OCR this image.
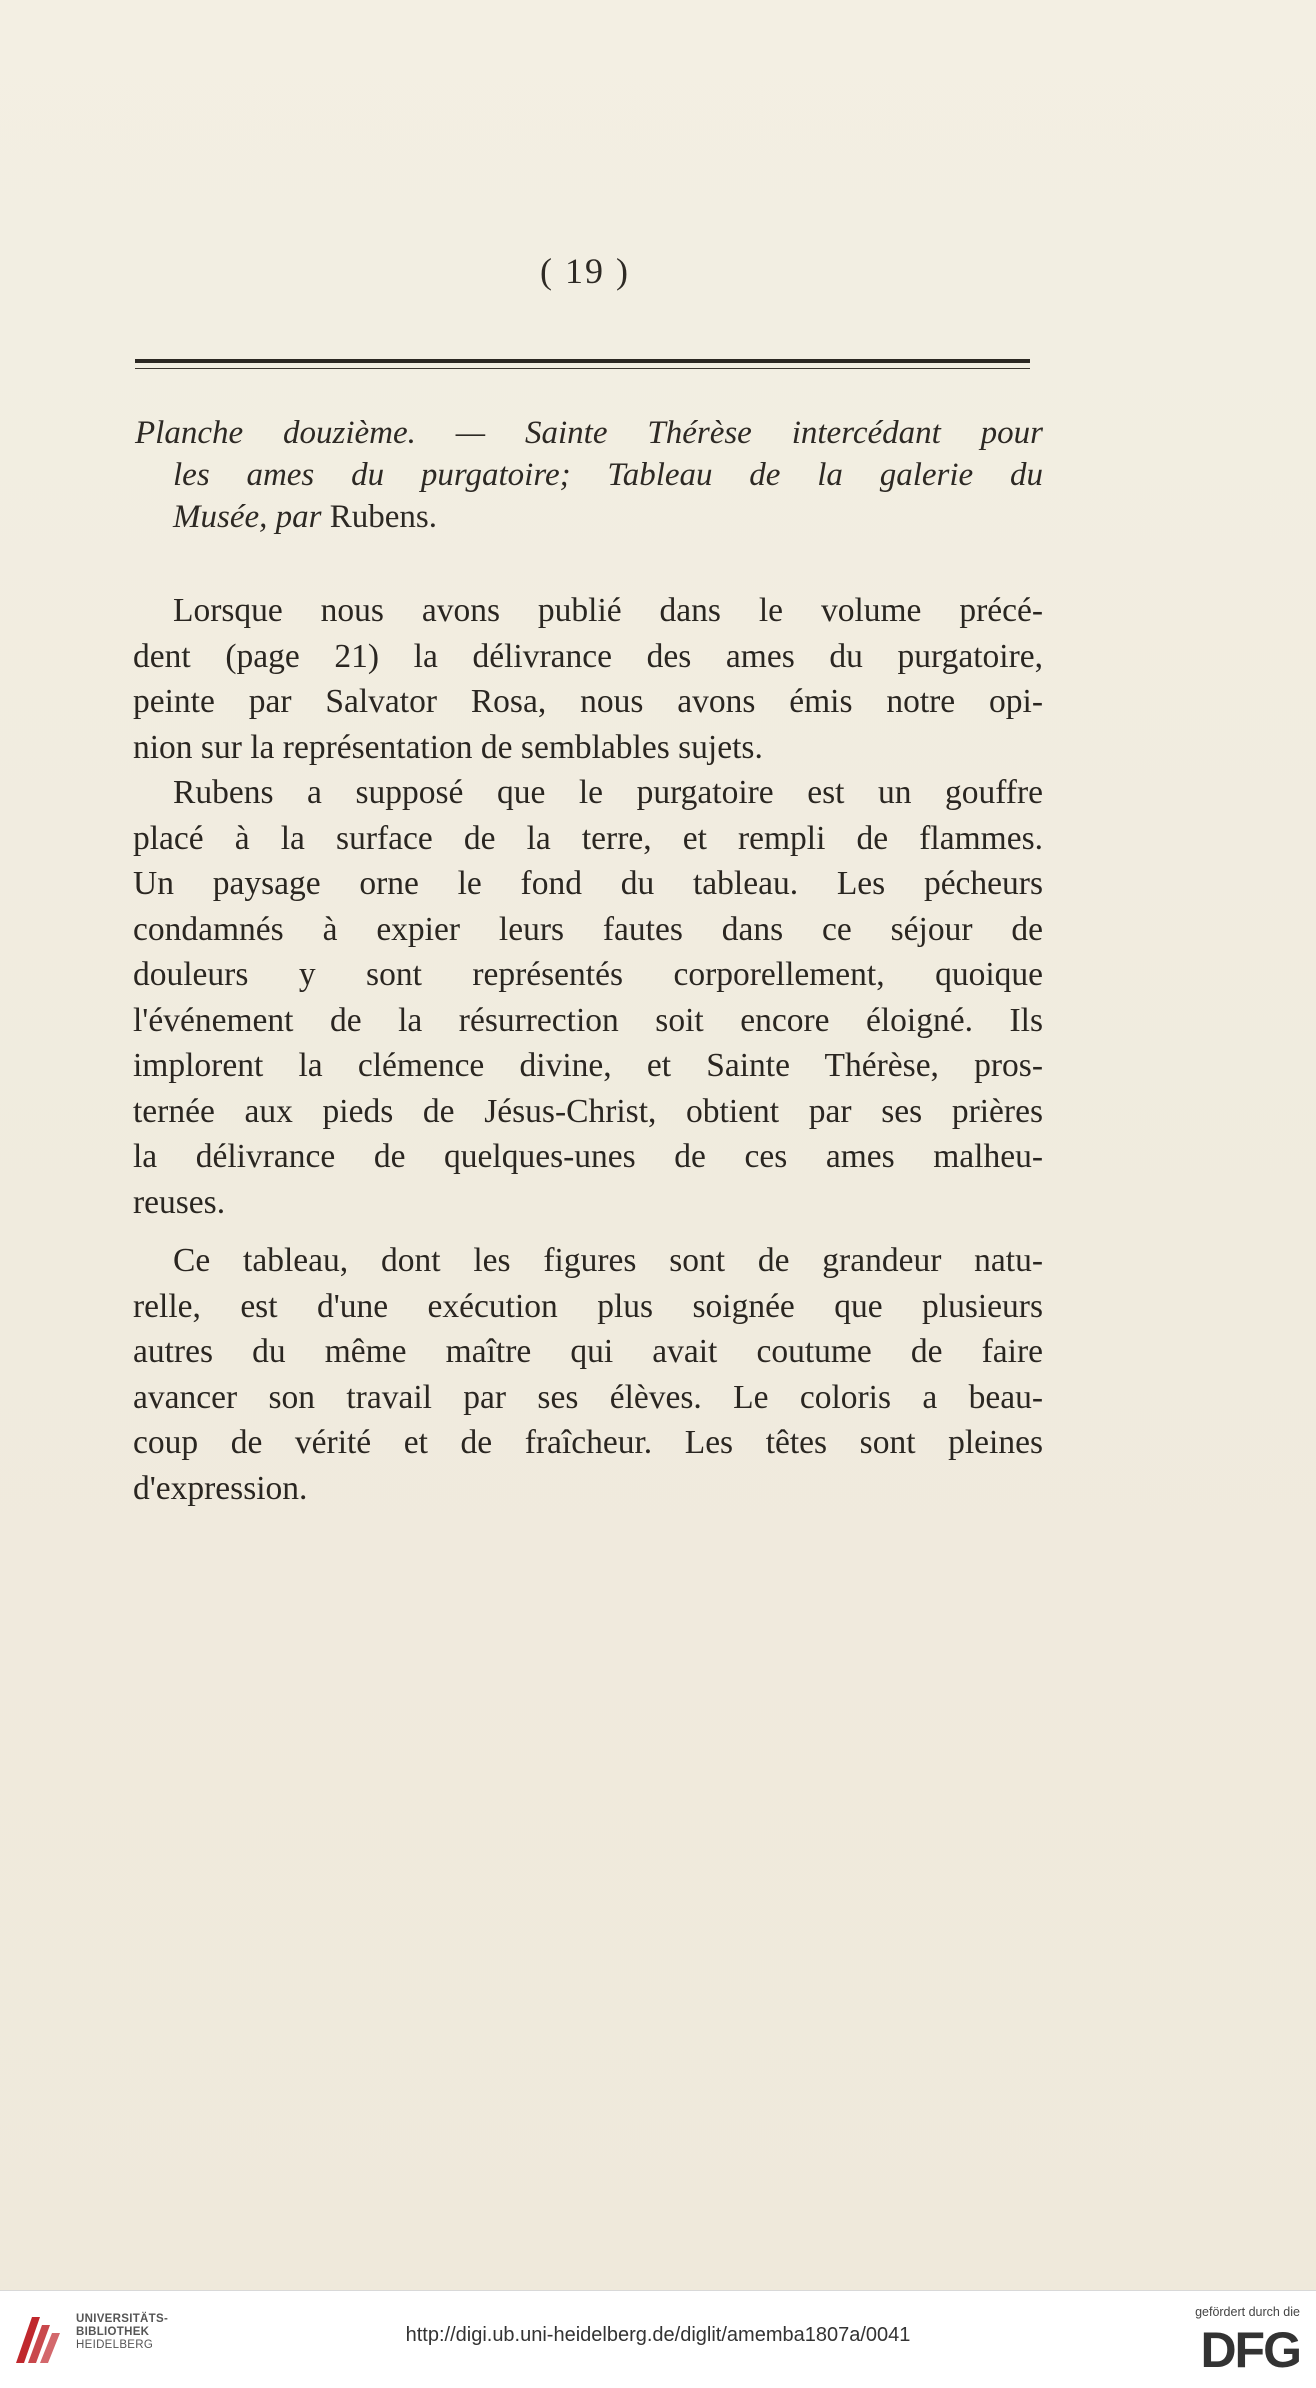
( 19 )
Planche douzième. — Sainte Thérèse intercédant pour
les ames du purgatoire; Tableau de la galerie du
Musée, par Rubens.
Lorsque nous avons publié dans le volume précé-
dent (page 21) la délivrance des ames du purgatoire,
peinte par Salvator Rosa, nous avons émis notre opi-
nion sur la représentation de semblables sujets.
Rubens a supposé que le purgatoire est un gouffre
placé à la surface de la terre, et rempli de flammes.
Un paysage orne le fond du tableau. Les pécheurs
condamnés à expier leurs fautes dans ce séjour de
douleurs y sont représentés corporellement, quoique
l'événement de la résurrection soit encore éloigné. Ils
implorent la clémence divine, et Sainte Thérèse, pros-
ternée aux pieds de Jésus-Christ, obtient par ses prières
la délivrance de quelques-unes de ces ames malheu-
reuses.
Ce tableau, dont les figures sont de grandeur natu-
relle, est d'une exécution plus soignée que plusieurs
autres du même maître qui avait coutume de faire
avancer son travail par ses élèves. Le coloris a beau-
coup de vérité et de fraîcheur. Les têtes sont pleines
d'expression.
UNIVERSITÄTS-
BIBLIOTHEK
HEIDELBERG	http://digi.ub.uni-heidelberg.de/diglit/amemba1807a/0041
gefördert durch die
DFG
